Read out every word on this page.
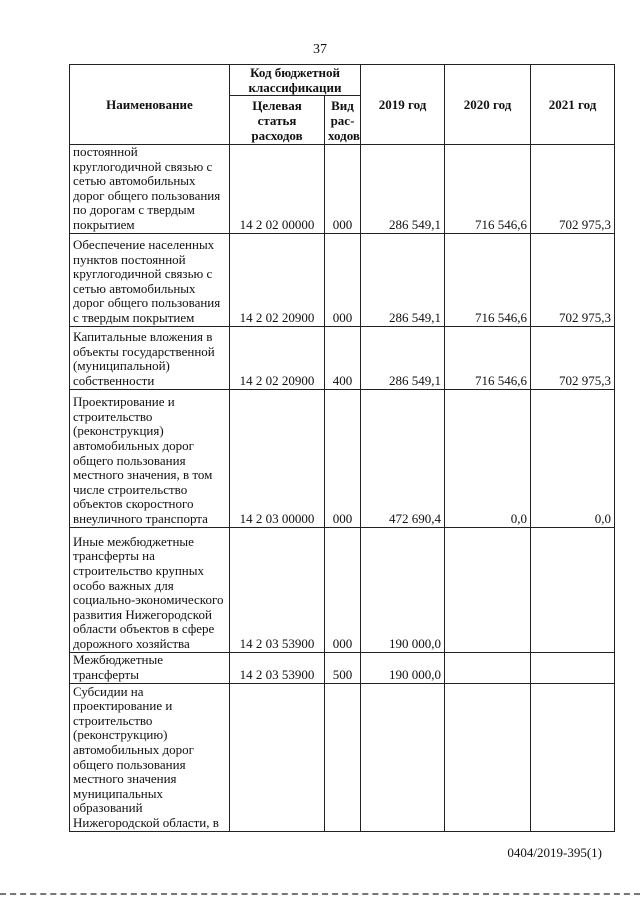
37
Наименование	Код бюджетной классификации		2019 год	2020 год	2021 год
	Целевая статья расходов	Вид рас-ходов			
постоянной круглогодичной связью с сетью автомобильных дорог общего пользования по дорогам с твердым покрытием	14 2 02 00000	000	286 549,1	716 546,6	702 975,3
Обеспечение населенных пунктов постоянной круглогодичной связью с сетью автомобильных дорог общего пользования с твердым покрытием	14 2 02 20900	000	286 549,1	716 546,6	702 975,3
Капитальные вложения в объекты государственной (муниципальной) собственности	14 2 02 20900	400	286 549,1	716 546,6	702 975,3
Проектирование и строительство (реконструкция) автомобильных дорог общего пользования местного значения, в том числе строительство объектов скоростного внеуличного транспорта	14 2 03 00000	000	472 690,4	0,0	0,0
Иные межбюджетные трансферты на строительство крупных особо важных для социально-экономического развития Нижегородской области объектов в сфере дорожного хозяйства	14 2 03 53900	000	190 000,0		
Межбюджетные трансферты	14 2 03 53900	500	190 000,0		
Субсидии на проектирование и строительство (реконструкцию) автомобильных дорог общего пользования местного значения муниципальных образований Нижегородской области, в					
0404/2019-395(1)
